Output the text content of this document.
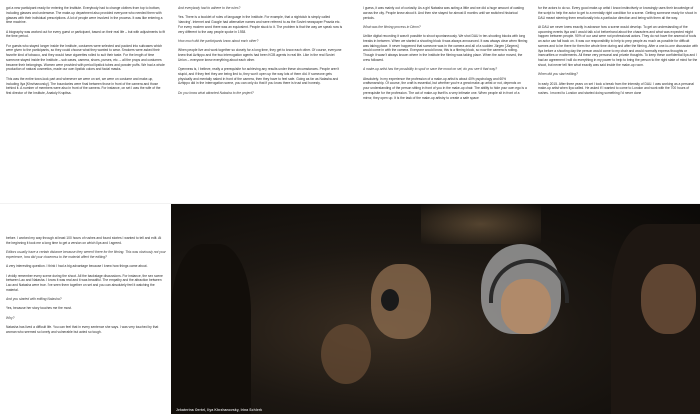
got a new participant ready for entering the Institute. Everybody had to change clothes from top to bottom, including glasses and underwear. The make-up department also provided everyone who needed them with glasses with their individual prescriptions. A lot of people were involved in the process. It was like entering a time machine.

A biography was worked out for every guest or participant, based on their real life – but with adjustments to fit the time period.

For guests who stayed longer inside the Institute, costumes were selected and packed into suitcases which were given to the participants, so they could choose what they wanted to wear. Smokers were asked their favorite kind of tobacco, and they would have cigarettes rolled to suit their taste. For the length of time someone stayed inside the Institute – sub cases, camera, shoes, purses, etc. – all the props and costumes became their belongings. Women were provided with period lipstick tubes and powder puffs. We had a whole production of natural cosmetics, made our own lipstick colors and facial masks.

This was the entire town-look part and whenever we were on set, we were on costume and make-up, including Ilya [Khrzhanovsky]. The boundaries were final between those in front of the camera and those behind it. A number of members were also in front of the camera. For instance, on set I was the wife of the first director of the Institute, Anatoly Krupitsa.

And everybody had to adhere to the rules?

Yes. There is a booklet of rules of language in the Institute. For example, that a nightclub is simply called 'dancing'. Internet and Google had alternative names and were referred to as the Soviet newspaper Pravda etc. For every modern word there was an equivalent. People stuck to it. The problem is that the way we speak now is very different to the way people spoke in 1938.

How much did the participants know about each other?

When people live and work together so closely for a long time, they get to know each other. Of course, everyone knew that Azhippo and the two interrogation agents had been KGB agents in real life. Like in the real Soviet Union – everyone knew everything about each other.

Openness is, I believe, really a prerequisite for achieving any results under these circumstances. People aren't stupid, and if they feel they are being lied to, they won't open up the way lots of them did. If someone gets physically and mentally naked in front of the camera, then they have to feel safe. Going as far as Natasha and Azhippo did in the interrogation scene, you can only do that if you know there is trust and honesty.

Do you know what attracted Natasha to the project?

I guess, it was mainly out of curiosity. As a girl Natasha was acting a little and we did a huge amount of casting across the city. People knew about it. And then she stayed for almost 8 months until we switched historical periods.

What was the filming process in Dimm?

Unlike digital recording it wasn't possible to shoot spontaneously. We shot DAU in ten-shooting blocks with long breaks in between. When we started a shooting block it was always announced. It was always clear when filming was taking place. It never happened that someone was in the camera and all of a sudden Jürgen [Jürgens] would come in with the camera. Everyone would know, this is a filming block, so now the camera is rolling. Though it wasn't always known where in the Institute the filming was taking place. When the actor moved, the crew followed.

A make-up artist has the possibility to spoil or save the mood on set, do you see it that way?

Absolutely. In my experience the profession of a make-up artist is about 40% psychology and 60% craftsmanship. Of course, the craft is essential, but whether you're a great make-up artist or not, depends on your understanding of the person sitting in front of you in the make-up chair. The ability to hide your own ego is a prerequisite for the profession. The act of make-up itself is a very intimate one. When people sit in front of a mirror, they open up. It is the task of the make-up artistry to create a safe space

for the actors to do so. Every good make-up artist I know instinctively or knowingly uses their knowledge of the script to help the actor to get to a mentally right condition for a scene. Getting someone ready for shoot in DAU meant steering them emotionally into a particular direction and being with them all the way.

At DAU we never knew exactly in advance how a scene would develop. To get an understanding of the upcoming events Ilya and I would talk a lot beforehand about the characters and what was expected might happen between people. 90% of our cast were not professional actors. They do not have the arsenal of tools an actor can fall back on. It was our responsibility to help to prep people as much as possible for difficult scenes and to be there for them the whole time during and after the filming. After a one-to-one discussion with Ilya before a shooting day the person would come to my chair and would normally express thoughts or insecurities or excitements. All these very personal and private thoughts. To keep these confidential Ilya and I had an agreement I will do everything in my power to help to bring the person to the right state of mind for the shoot, but never tell him what exactly was said inside the make-up room.

When did you start editing?

In early 2015. After three years on set I took a break from the intensity of DAU. I was working as a personal make-up artist when Ilya called. He asked if I wanted to come to London and work with the 700 hours of rushes. I moved to London and started doing something I'd never done

before. I worked my way through at least 100 hours of rushes and found stories I wanted to tell and edit. At the beginning it took me a long time to get a version on which Ilya and I agreed.

Editors usually have a certain distance because they weren't there for the filming. This was obviously not your experience, how did your closeness to the material affect the editing?

A very interesting question. I think I had a big advantage because I knew how things came about.

I vividly remember every scene during the shoot. All the backstage discussions. For instance, the sex scene between Lao and Natasha. I know it was real and it was beautiful. The empathy and the attraction between Lao and Natasha were true. I've seen them together on set and you can absolutely feel it watching the material.

And you started with editing Natasha?

Yes, because her story touches me the most.

Why?

Natasha has lived a difficult life. You can feel that in every sentence she says. I was very touched by that woman who seemed so lonely and vulnerable but acted so tough.

Jekaterina Oertel, Ilya Khrzhanovsky, Irina Schlerk
